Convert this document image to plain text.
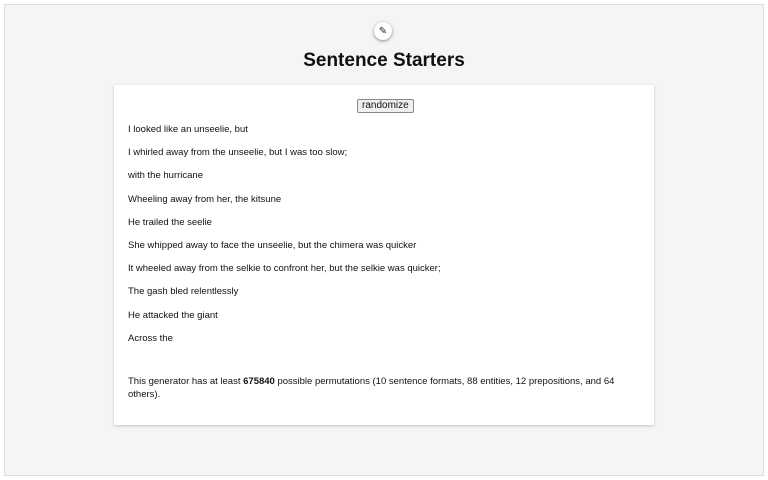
✎
Sentence Starters
randomize
I looked like an unseelie, but
I whirled away from the unseelie, but I was too slow;
with the hurricane
Wheeling away from her, the kitsune
He trailed the seelie
She whipped away to face the unseelie, but the chimera was quicker
It wheeled away from the selkie to confront her, but the selkie was quicker;
The gash bled relentlessly
He attacked the giant
Across the

This generator has at least 675840 possible permutations (10 sentence formats, 88 entities, 12 prepositions, and 64 others).
